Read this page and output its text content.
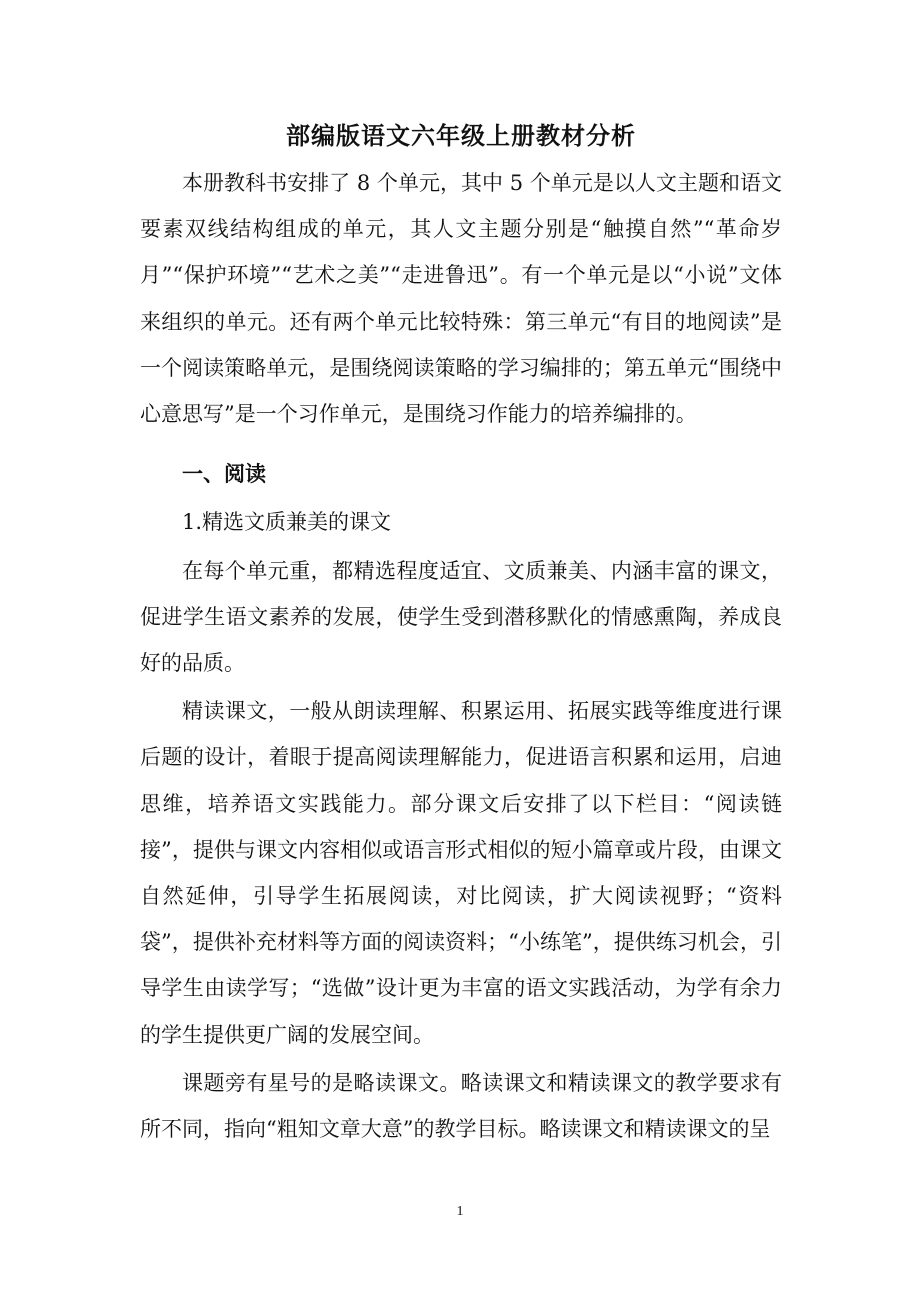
部编版语文六年级上册教材分析

本册教科书安排了 8 个单元，其中 5 个单元是以人文主题和语文要素双线结构组成的单元，其人文主题分别是“触摸自然”“革命岁月”“保护环境”“艺术之美”“走进鲁迅”。有一个单元是以“小说”文体来组织的单元。还有两个单元比较特殊：第三单元“有目的地阅读”是一个阅读策略单元，是围绕阅读策略的学习编排的；第五单元“围绕中心意思写”是一个习作单元，是围绕习作能力的培养编排的。

一、阅读

1.精选文质兼美的课文

在每个单元重，都精选程度适宜、文质兼美、内涵丰富的课文，促进学生语文素养的发展，使学生受到潜移默化的情感熏陶，养成良好的品质。

精读课文，一般从朗读理解、积累运用、拓展实践等维度进行课后题的设计，着眼于提高阅读理解能力，促进语言积累和运用，启迪思维，培养语文实践能力。部分课文后安排了以下栏目：“阅读链接”，提供与课文内容相似或语言形式相似的短小篇章或片段，由课文自然延伸，引导学生拓展阅读，对比阅读，扩大阅读视野；“资料袋”，提供补充材料等方面的阅读资料；“小练笔”，提供练习机会，引导学生由读学写；“选做”设计更为丰富的语文实践活动，为学有余力的学生提供更广阔的发展空间。

课题旁有星号的是略读课文。略读课文和精读课文的教学要求有所不同，指向“粗知文章大意”的教学目标。略读课文和精读课文的呈

1
